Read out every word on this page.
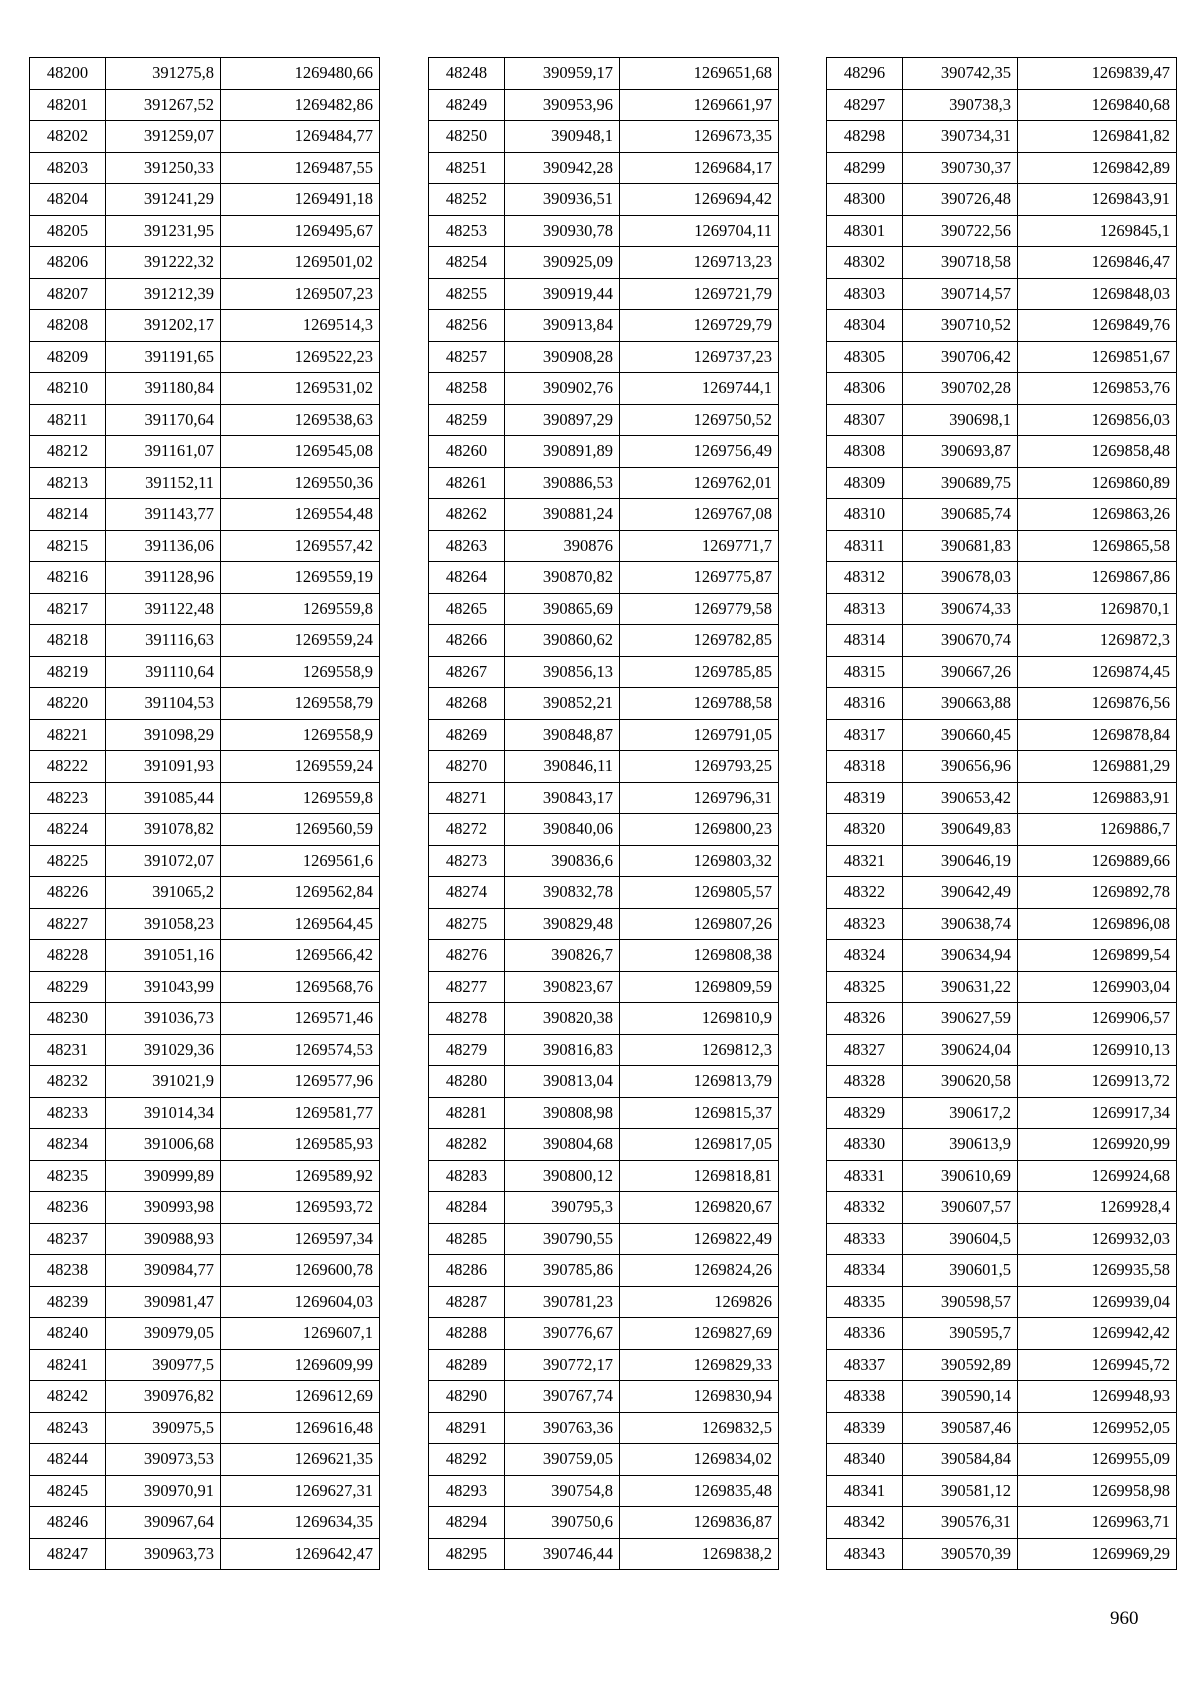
48200	391275,8	1269480,66
48201	391267,52	1269482,86
48202	391259,07	1269484,77
48203	391250,33	1269487,55
48204	391241,29	1269491,18
48205	391231,95	1269495,67
48206	391222,32	1269501,02
48207	391212,39	1269507,23
48208	391202,17	1269514,3
48209	391191,65	1269522,23
48210	391180,84	1269531,02
48211	391170,64	1269538,63
48212	391161,07	1269545,08
48213	391152,11	1269550,36
48214	391143,77	1269554,48
48215	391136,06	1269557,42
48216	391128,96	1269559,19
48217	391122,48	1269559,8
48218	391116,63	1269559,24
48219	391110,64	1269558,9
48220	391104,53	1269558,79
48221	391098,29	1269558,9
48222	391091,93	1269559,24
48223	391085,44	1269559,8
48224	391078,82	1269560,59
48225	391072,07	1269561,6
48226	391065,2	1269562,84
48227	391058,23	1269564,45
48228	391051,16	1269566,42
48229	391043,99	1269568,76
48230	391036,73	1269571,46
48231	391029,36	1269574,53
48232	391021,9	1269577,96
48233	391014,34	1269581,77
48234	391006,68	1269585,93
48235	390999,89	1269589,92
48236	390993,98	1269593,72
48237	390988,93	1269597,34
48238	390984,77	1269600,78
48239	390981,47	1269604,03
48240	390979,05	1269607,1
48241	390977,5	1269609,99
48242	390976,82	1269612,69
48243	390975,5	1269616,48
48244	390973,53	1269621,35
48245	390970,91	1269627,31
48246	390967,64	1269634,35
48247	390963,73	1269642,47
48248	390959,17	1269651,68
48249	390953,96	1269661,97
48250	390948,1	1269673,35
48251	390942,28	1269684,17
48252	390936,51	1269694,42
48253	390930,78	1269704,11
48254	390925,09	1269713,23
48255	390919,44	1269721,79
48256	390913,84	1269729,79
48257	390908,28	1269737,23
48258	390902,76	1269744,1
48259	390897,29	1269750,52
48260	390891,89	1269756,49
48261	390886,53	1269762,01
48262	390881,24	1269767,08
48263	390876	1269771,7
48264	390870,82	1269775,87
48265	390865,69	1269779,58
48266	390860,62	1269782,85
48267	390856,13	1269785,85
48268	390852,21	1269788,58
48269	390848,87	1269791,05
48270	390846,11	1269793,25
48271	390843,17	1269796,31
48272	390840,06	1269800,23
48273	390836,6	1269803,32
48274	390832,78	1269805,57
48275	390829,48	1269807,26
48276	390826,7	1269808,38
48277	390823,67	1269809,59
48278	390820,38	1269810,9
48279	390816,83	1269812,3
48280	390813,04	1269813,79
48281	390808,98	1269815,37
48282	390804,68	1269817,05
48283	390800,12	1269818,81
48284	390795,3	1269820,67
48285	390790,55	1269822,49
48286	390785,86	1269824,26
48287	390781,23	1269826
48288	390776,67	1269827,69
48289	390772,17	1269829,33
48290	390767,74	1269830,94
48291	390763,36	1269832,5
48292	390759,05	1269834,02
48293	390754,8	1269835,48
48294	390750,6	1269836,87
48295	390746,44	1269838,2
48296	390742,35	1269839,47
48297	390738,3	1269840,68
48298	390734,31	1269841,82
48299	390730,37	1269842,89
48300	390726,48	1269843,91
48301	390722,56	1269845,1
48302	390718,58	1269846,47
48303	390714,57	1269848,03
48304	390710,52	1269849,76
48305	390706,42	1269851,67
48306	390702,28	1269853,76
48307	390698,1	1269856,03
48308	390693,87	1269858,48
48309	390689,75	1269860,89
48310	390685,74	1269863,26
48311	390681,83	1269865,58
48312	390678,03	1269867,86
48313	390674,33	1269870,1
48314	390670,74	1269872,3
48315	390667,26	1269874,45
48316	390663,88	1269876,56
48317	390660,45	1269878,84
48318	390656,96	1269881,29
48319	390653,42	1269883,91
48320	390649,83	1269886,7
48321	390646,19	1269889,66
48322	390642,49	1269892,78
48323	390638,74	1269896,08
48324	390634,94	1269899,54
48325	390631,22	1269903,04
48326	390627,59	1269906,57
48327	390624,04	1269910,13
48328	390620,58	1269913,72
48329	390617,2	1269917,34
48330	390613,9	1269920,99
48331	390610,69	1269924,68
48332	390607,57	1269928,4
48333	390604,5	1269932,03
48334	390601,5	1269935,58
48335	390598,57	1269939,04
48336	390595,7	1269942,42
48337	390592,89	1269945,72
48338	390590,14	1269948,93
48339	390587,46	1269952,05
48340	390584,84	1269955,09
48341	390581,12	1269958,98
48342	390576,31	1269963,71
48343	390570,39	1269969,29
960
